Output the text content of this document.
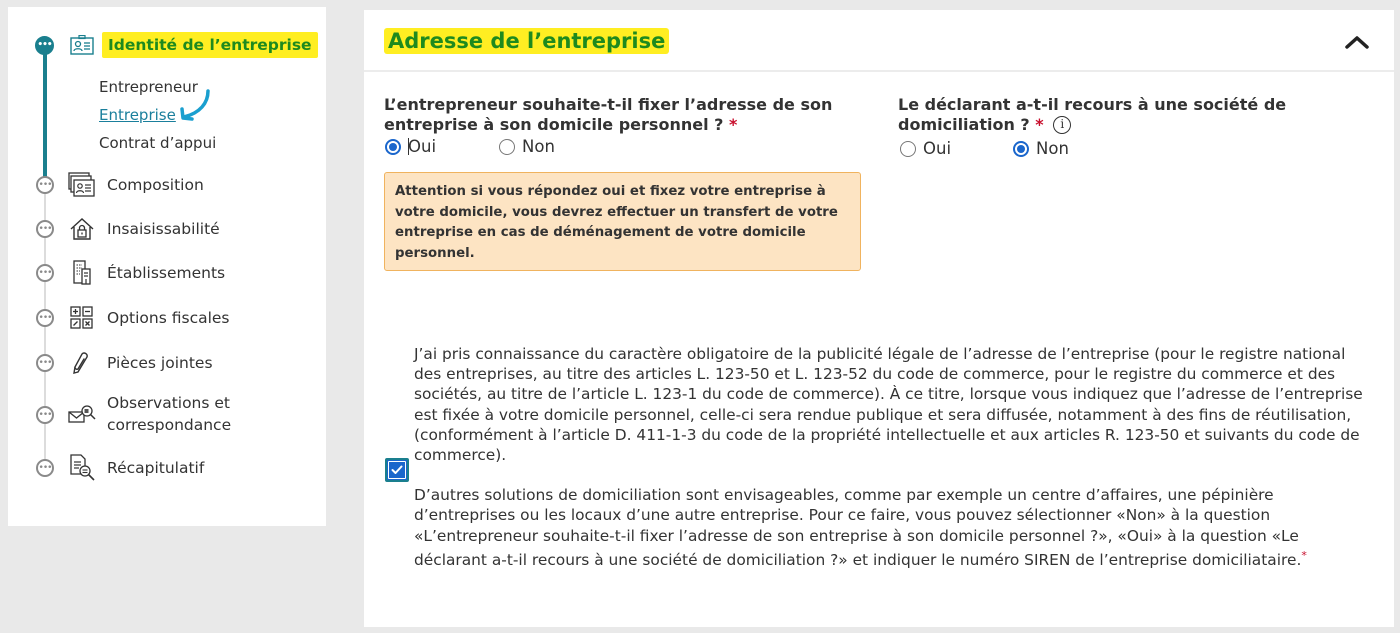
•••	Identité de l’entreprise
Entrepreneur
Entreprise
Contrat d’appui
•••	Composition
•••	Insaisissabilité
•••	Établissements
•••	Options fiscales
•••	Pièces jointes
•••
Observations et
correspondance
•••	Récapitulatif
Adresse de l’entreprise
L’entrepreneur souhaite-t-il fixer l’adresse de son
entreprise à son domicile personnel ? *
Oui	Non
Le déclarant a-t-il recours à une société de
domiciliation ? * i
Oui	Non
Attention si vous répondez oui et fixez votre entreprise à votre domicile, vous devrez effectuer un transfert de votre entreprise en cas de déménagement de votre domicile personnel.

J’ai pris connaissance du caractère obligatoire de la publicité légale de l’adresse de l’entreprise (pour le registre national des entreprises, au titre des articles L. 123-50 et L. 123-52 du code de commerce, pour le registre du commerce et des sociétés, au titre de l’article L. 123-1 du code de commerce). À ce titre, lorsque vous indiquez que l’adresse de l’entreprise est fixée à votre domicile personnel, celle-ci sera rendue publique et sera diffusée, notamment à des fins de réutilisation, (conformément à l’article D. 411-1-3 du code de la propriété intellectuelle et aux articles R. 123-50 et suivants du code de commerce).

D’autres solutions de domiciliation sont envisageables, comme par exemple un centre d’affaires, une pépinière d’entreprises ou les locaux d’une autre entreprise. Pour ce faire, vous pouvez sélectionner «Non» à la question «L’entrepreneur souhaite-t-il fixer l’adresse de son entreprise à son domicile personnel ?», «Oui» à la question «Le déclarant a-t-il recours à une société de domiciliation ?» et indiquer le numéro SIREN de l’entreprise domiciliataire.*
